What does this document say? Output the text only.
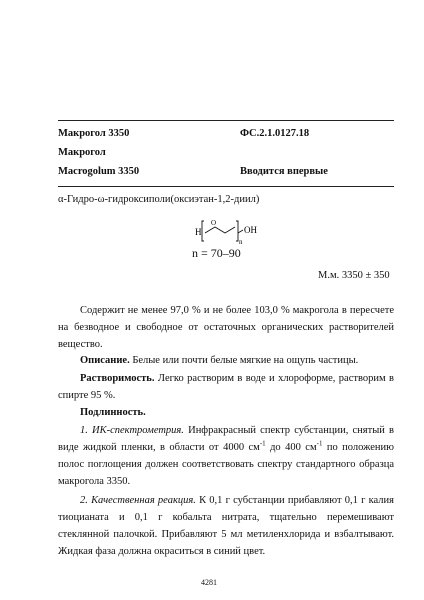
Макрогол 3350	ФС.2.1.0127.18
Макрогол
Macrogolum 3350	Вводится впервые
α-Гидро-ω-гидроксиполи(оксиэтан-1,2-диил)
H
O
OH
n
n = 70–90
М.м. 3350 ± 350

Содержит не менее 97,0 % и не более 103,0 % макрогола в пересчете на безводное и свободное от остаточных органических растворителей вещество.

Описание. Белые или почти белые мягкие на ощупь частицы.

Растворимость. Легко растворим в воде и хлороформе, растворим в спирте 95 %.

Подлинность.

1. ИК-спектрометрия. Инфракрасный спектр субстанции, снятый в виде жидкой пленки, в области от 4000 $см^{-1}$ до 400 $см^{-1}$ по положению полос поглощения должен соответствовать спектру стандартного образца макрогола 3350.

2. Качественная реакция. К 0,1 г субстанции прибавляют 0,1 г калия тиоцианата и 0,1 г кобальта нитрата, тщательно перемешивают стеклянной палочкой. Прибавляют 5 мл метиленхлорида и взбалтывают. Жидкая фаза должна окраситься в синий цвет.

4281
